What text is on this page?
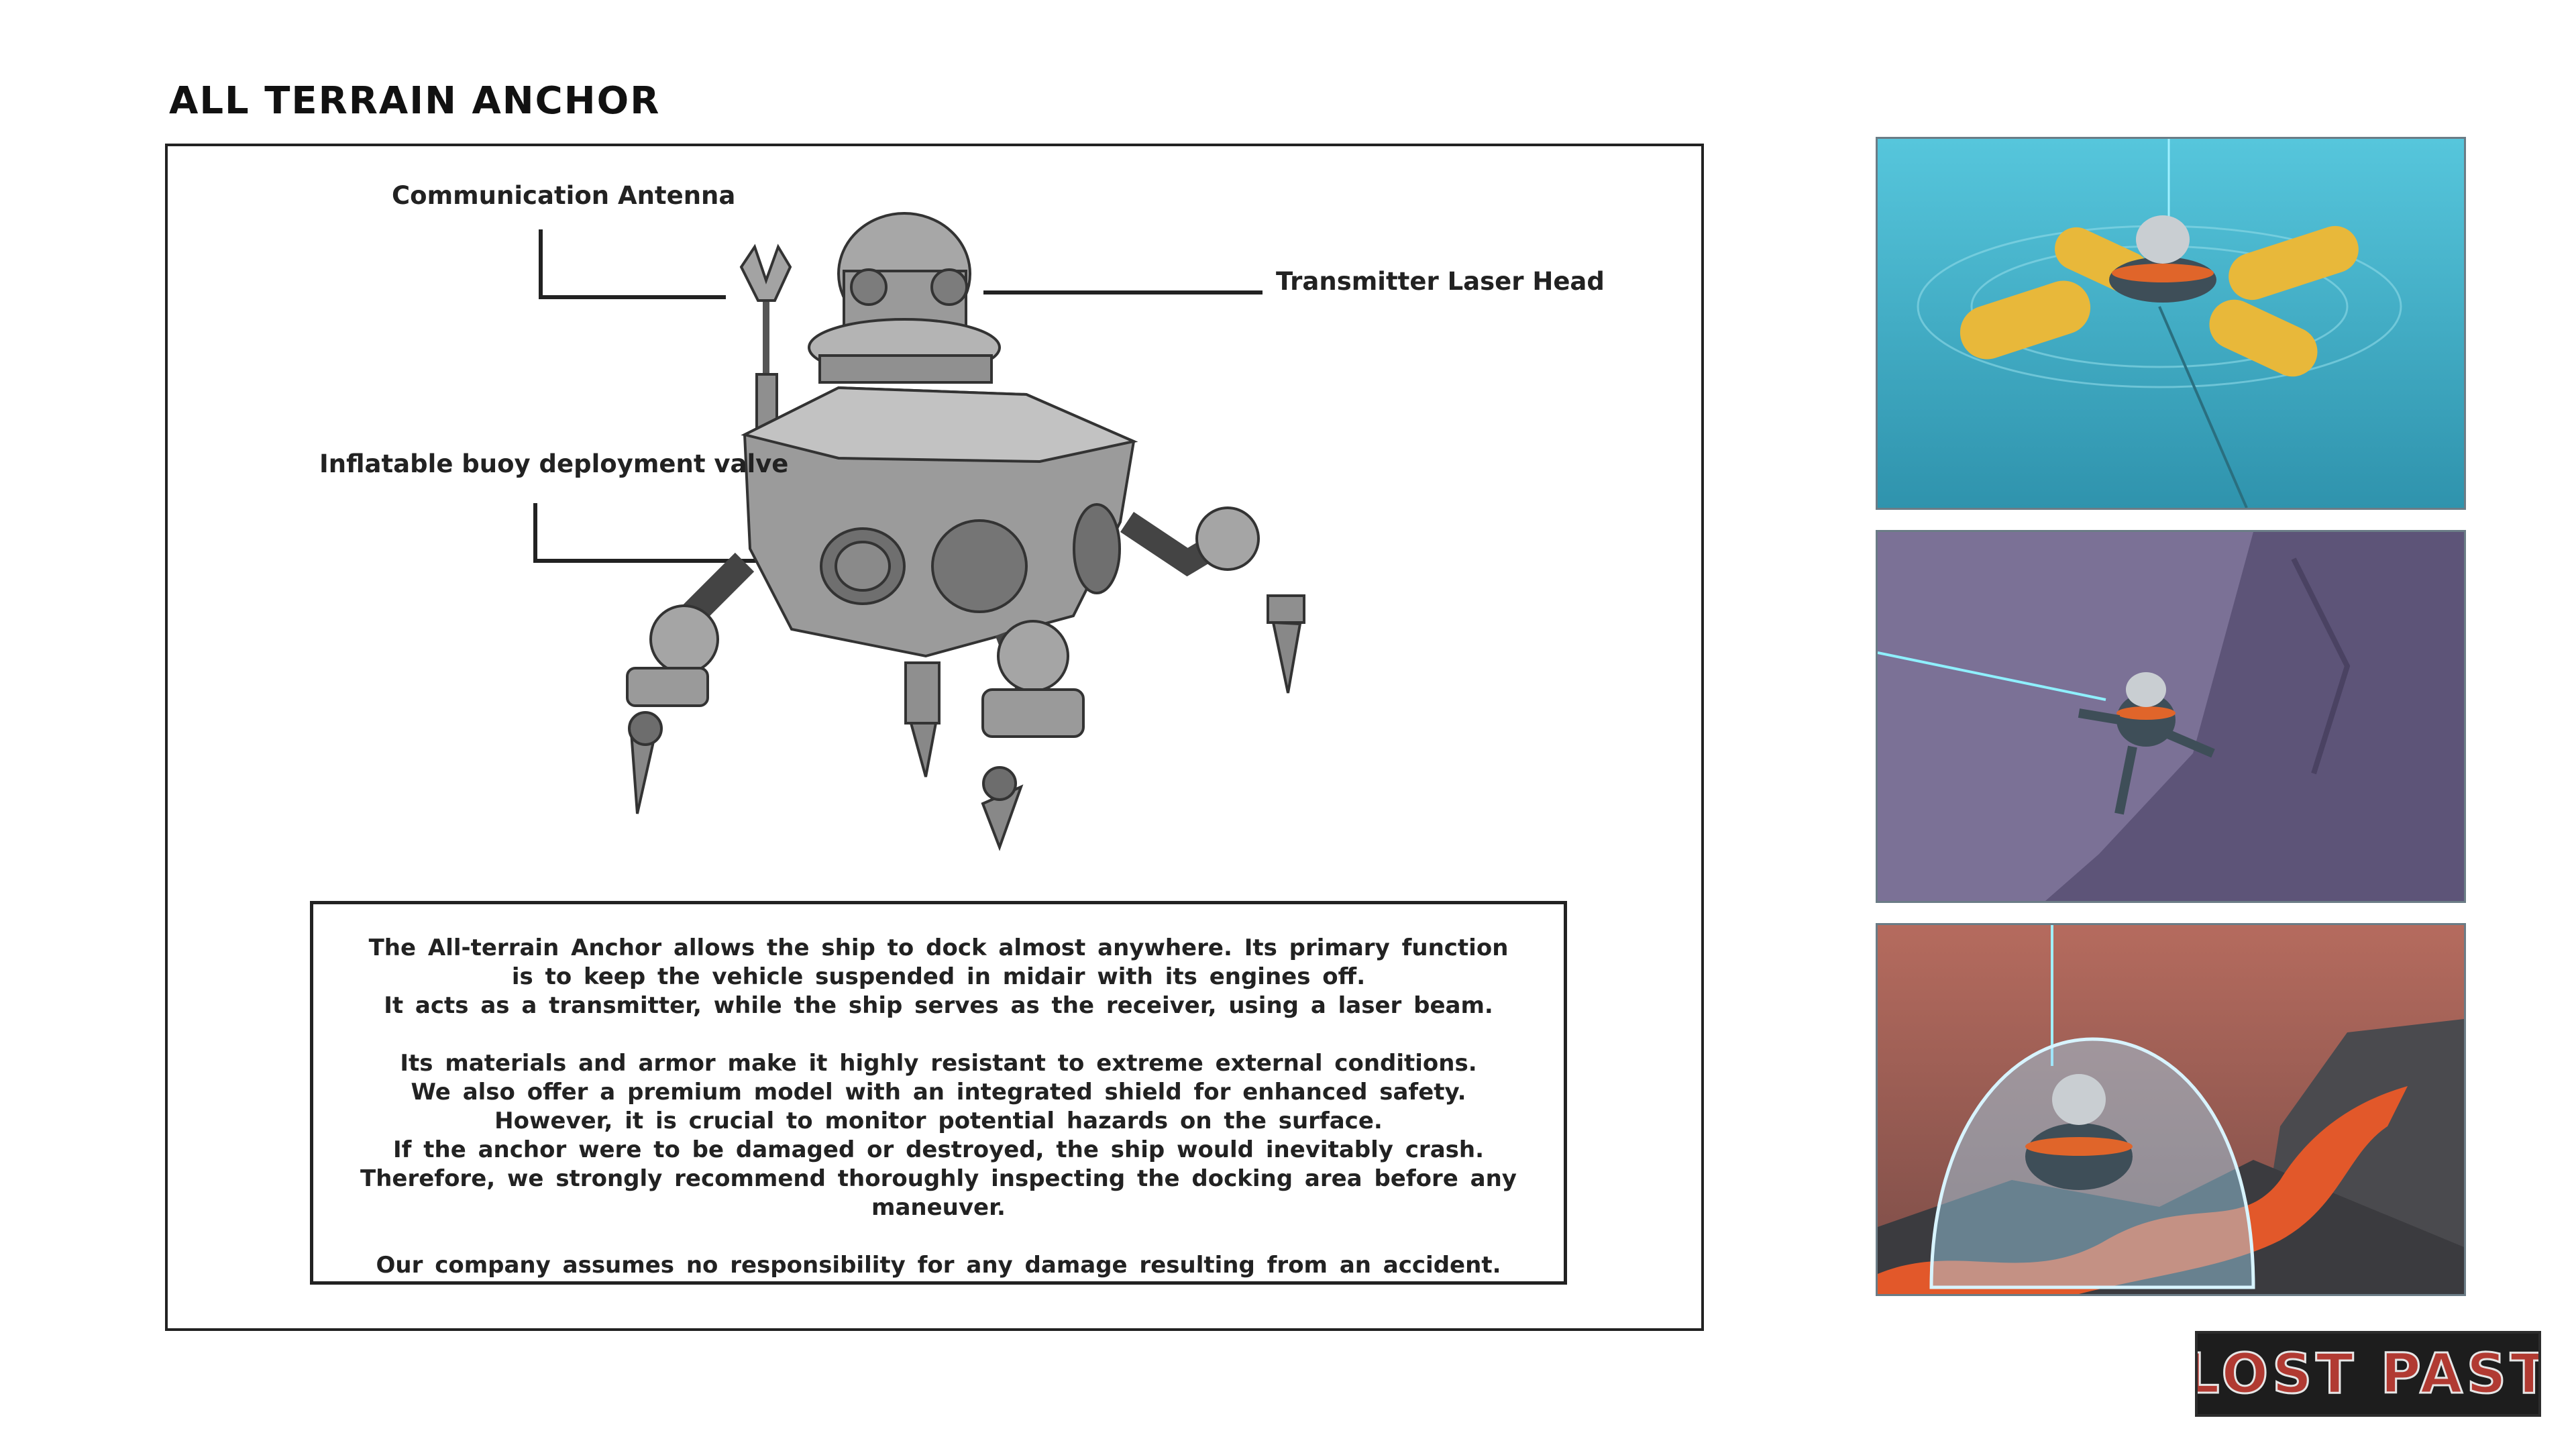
ALL TERRAIN ANCHOR
Communication Antenna
Transmitter Laser Head
Inflatable buoy deployment valve

The All-terrain Anchor allows the ship to dock almost anywhere. Its primary function is to keep the vehicle suspended in midair with its engines off.

It acts as a transmitter, while the ship serves as the receiver, using a laser beam.

Its materials and armor make it highly resistant to extreme external conditions.

We also offer a premium model with an integrated shield for enhanced safety.

However, it is crucial to monitor potential hazards on the surface.

If the anchor were to be damaged or destroyed, the ship would inevitably crash.

Therefore, we strongly recommend thoroughly inspecting the docking area before any maneuver.

Our company assumes no responsibility for any damage resulting from an accident.

LOST PAST
